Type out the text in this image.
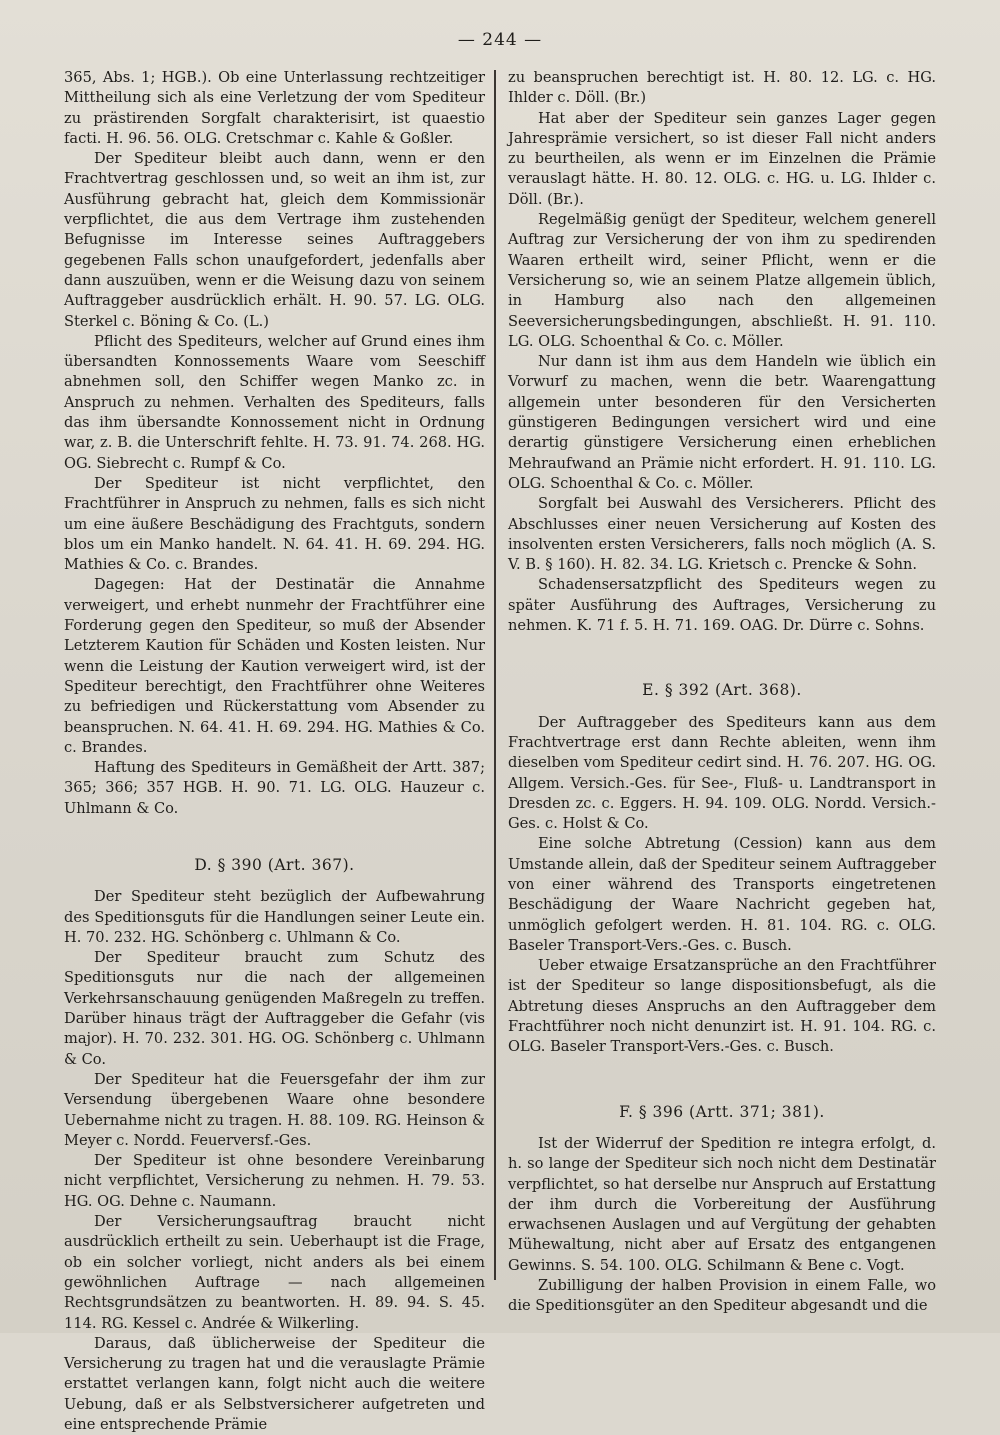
— 244 —

365, Abs. 1; HGB.). Ob eine Unterlassung rechtzeitiger Mittheilung sich als eine Verletzung der vom Spediteur zu prästirenden Sorgfalt charakterisirt, ist quaestio facti. H. 96. 56. OLG. Cretschmar c. Kahle & Goßler.

Der Spediteur bleibt auch dann, wenn er den Frachtvertrag geschlossen und, so weit an ihm ist, zur Ausführung gebracht hat, gleich dem Kommissionär verpflichtet, die aus dem Vertrage ihm zustehenden Befugnisse im Interesse seines Auftraggebers gegebenen Falls schon unaufgefordert, jedenfalls aber dann auszuüben, wenn er die Weisung dazu von seinem Auftraggeber ausdrücklich erhält. H. 90. 57. LG. OLG. Sterkel c. Böning & Co. (L.)

Pflicht des Spediteurs, welcher auf Grund eines ihm übersandten Konnossements Waare vom Seeschiff abnehmen soll, den Schiffer wegen Manko zc. in Anspruch zu nehmen. Verhalten des Spediteurs, falls das ihm übersandte Konnossement nicht in Ordnung war, z. B. die Unterschrift fehlte. H. 73. 91. 74. 268. HG. OG. Siebrecht c. Rumpf & Co.

Der Spediteur ist nicht verpflichtet, den Frachtführer in Anspruch zu nehmen, falls es sich nicht um eine äußere Beschädigung des Frachtguts, sondern blos um ein Manko handelt. N. 64. 41. H. 69. 294. HG. Mathies & Co. c. Brandes.

Dagegen: Hat der Destinatär die Annahme verweigert, und erhebt nunmehr der Frachtführer eine Forderung gegen den Spediteur, so muß der Absender Letzterem Kaution für Schäden und Kosten leisten. Nur wenn die Leistung der Kaution verweigert wird, ist der Spediteur berechtigt, den Frachtführer ohne Weiteres zu befriedigen und Rückerstattung vom Absender zu beanspruchen. N. 64. 41. H. 69. 294. HG. Mathies & Co. c. Brandes.

Haftung des Spediteurs in Gemäßheit der Artt. 387; 365; 366; 357 HGB. H. 90. 71. LG. OLG. Hauzeur c. Uhlmann & Co.

D. § 390 (Art. 367).

Der Spediteur steht bezüglich der Aufbewahrung des Speditionsguts für die Handlungen seiner Leute ein. H. 70. 232. HG. Schönberg c. Uhlmann & Co.

Der Spediteur braucht zum Schutz des Speditionsguts nur die nach der allgemeinen Verkehrsanschauung genügenden Maßregeln zu treffen. Darüber hinaus trägt der Auftraggeber die Gefahr (vis major). H. 70. 232. 301. HG. OG. Schönberg c. Uhlmann & Co.

Der Spediteur hat die Feuersgefahr der ihm zur Versendung übergebenen Waare ohne besondere Uebernahme nicht zu tragen. H. 88. 109. RG. Heinson & Meyer c. Nordd. Feuerversf.-Ges.

Der Spediteur ist ohne besondere Vereinbarung nicht verpflichtet, Versicherung zu nehmen. H. 79. 53. HG. OG. Dehne c. Naumann.

Der Versicherungsauftrag braucht nicht ausdrücklich ertheilt zu sein. Ueberhaupt ist die Frage, ob ein solcher vorliegt, nicht anders als bei einem gewöhnlichen Auftrage — nach allgemeinen Rechtsgrundsätzen zu beantworten. H. 89. 94. S. 45. 114. RG. Kessel c. Andrée & Wilkerling.

Daraus, daß üblicherweise der Spediteur die Versicherung zu tragen hat und die verauslagte Prämie erstattet verlangen kann, folgt nicht auch die weitere Uebung, daß er als Selbstversicherer aufgetreten und eine entsprechende Prämie

zu beanspruchen berechtigt ist. H. 80. 12. LG. c. HG. Ihlder c. Döll. (Br.)

Hat aber der Spediteur sein ganzes Lager gegen Jahresprämie versichert, so ist dieser Fall nicht anders zu beurtheilen, als wenn er im Einzelnen die Prämie verauslagt hätte. H. 80. 12. OLG. c. HG. u. LG. Ihlder c. Döll. (Br.).

Regelmäßig genügt der Spediteur, welchem generell Auftrag zur Versicherung der von ihm zu spedirenden Waaren ertheilt wird, seiner Pflicht, wenn er die Versicherung so, wie an seinem Platze allgemein üblich, in Hamburg also nach den allgemeinen Seeversicherungsbedingungen, abschließt. H. 91. 110. LG. OLG. Schoenthal & Co. c. Möller.

Nur dann ist ihm aus dem Handeln wie üblich ein Vorwurf zu machen, wenn die betr. Waarengattung allgemein unter besonderen für den Versicherten günstigeren Bedingungen versichert wird und eine derartig günstigere Versicherung einen erheblichen Mehraufwand an Prämie nicht erfordert. H. 91. 110. LG. OLG. Schoenthal & Co. c. Möller.

Sorgfalt bei Auswahl des Versicherers. Pflicht des Abschlusses einer neuen Versicherung auf Kosten des insolventen ersten Versicherers, falls noch möglich (A. S. V. B. § 160). H. 82. 34. LG. Krietsch c. Prencke & Sohn.

Schadensersatzpflicht des Spediteurs wegen zu später Ausführung des Auftrages, Versicherung zu nehmen. K. 71 f. 5. H. 71. 169. OAG. Dr. Dürre c. Sohns.

E. § 392 (Art. 368).

Der Auftraggeber des Spediteurs kann aus dem Frachtvertrage erst dann Rechte ableiten, wenn ihm dieselben vom Spediteur cedirt sind. H. 76. 207. HG. OG. Allgem. Versich.-Ges. für See-, Fluß- u. Landtransport in Dresden zc. c. Eggers. H. 94. 109. OLG. Nordd. Versich.-Ges. c. Holst & Co.

Eine solche Abtretung (Cession) kann aus dem Umstande allein, daß der Spediteur seinem Auftraggeber von einer während des Transports eingetretenen Beschädigung der Waare Nachricht gegeben hat, unmöglich gefolgert werden. H. 81. 104. RG. c. OLG. Baseler Transport-Vers.-Ges. c. Busch.

Ueber etwaige Ersatzansprüche an den Frachtführer ist der Spediteur so lange dispositionsbefugt, als die Abtretung dieses Anspruchs an den Auftraggeber dem Frachtführer noch nicht denunzirt ist. H. 91. 104. RG. c. OLG. Baseler Transport-Vers.-Ges. c. Busch.

F. § 396 (Artt. 371; 381).

Ist der Widerruf der Spedition re integra erfolgt, d. h. so lange der Spediteur sich noch nicht dem Destinatär verpflichtet, so hat derselbe nur Anspruch auf Erstattung der ihm durch die Vorbereitung der Ausführung erwachsenen Auslagen und auf Vergütung der gehabten Mühewaltung, nicht aber auf Ersatz des entgangenen Gewinns. S. 54. 100. OLG. Schilmann & Bene c. Vogt.

Zubilligung der halben Provision in einem Falle, wo die Speditionsgüter an den Spediteur abgesandt und die
